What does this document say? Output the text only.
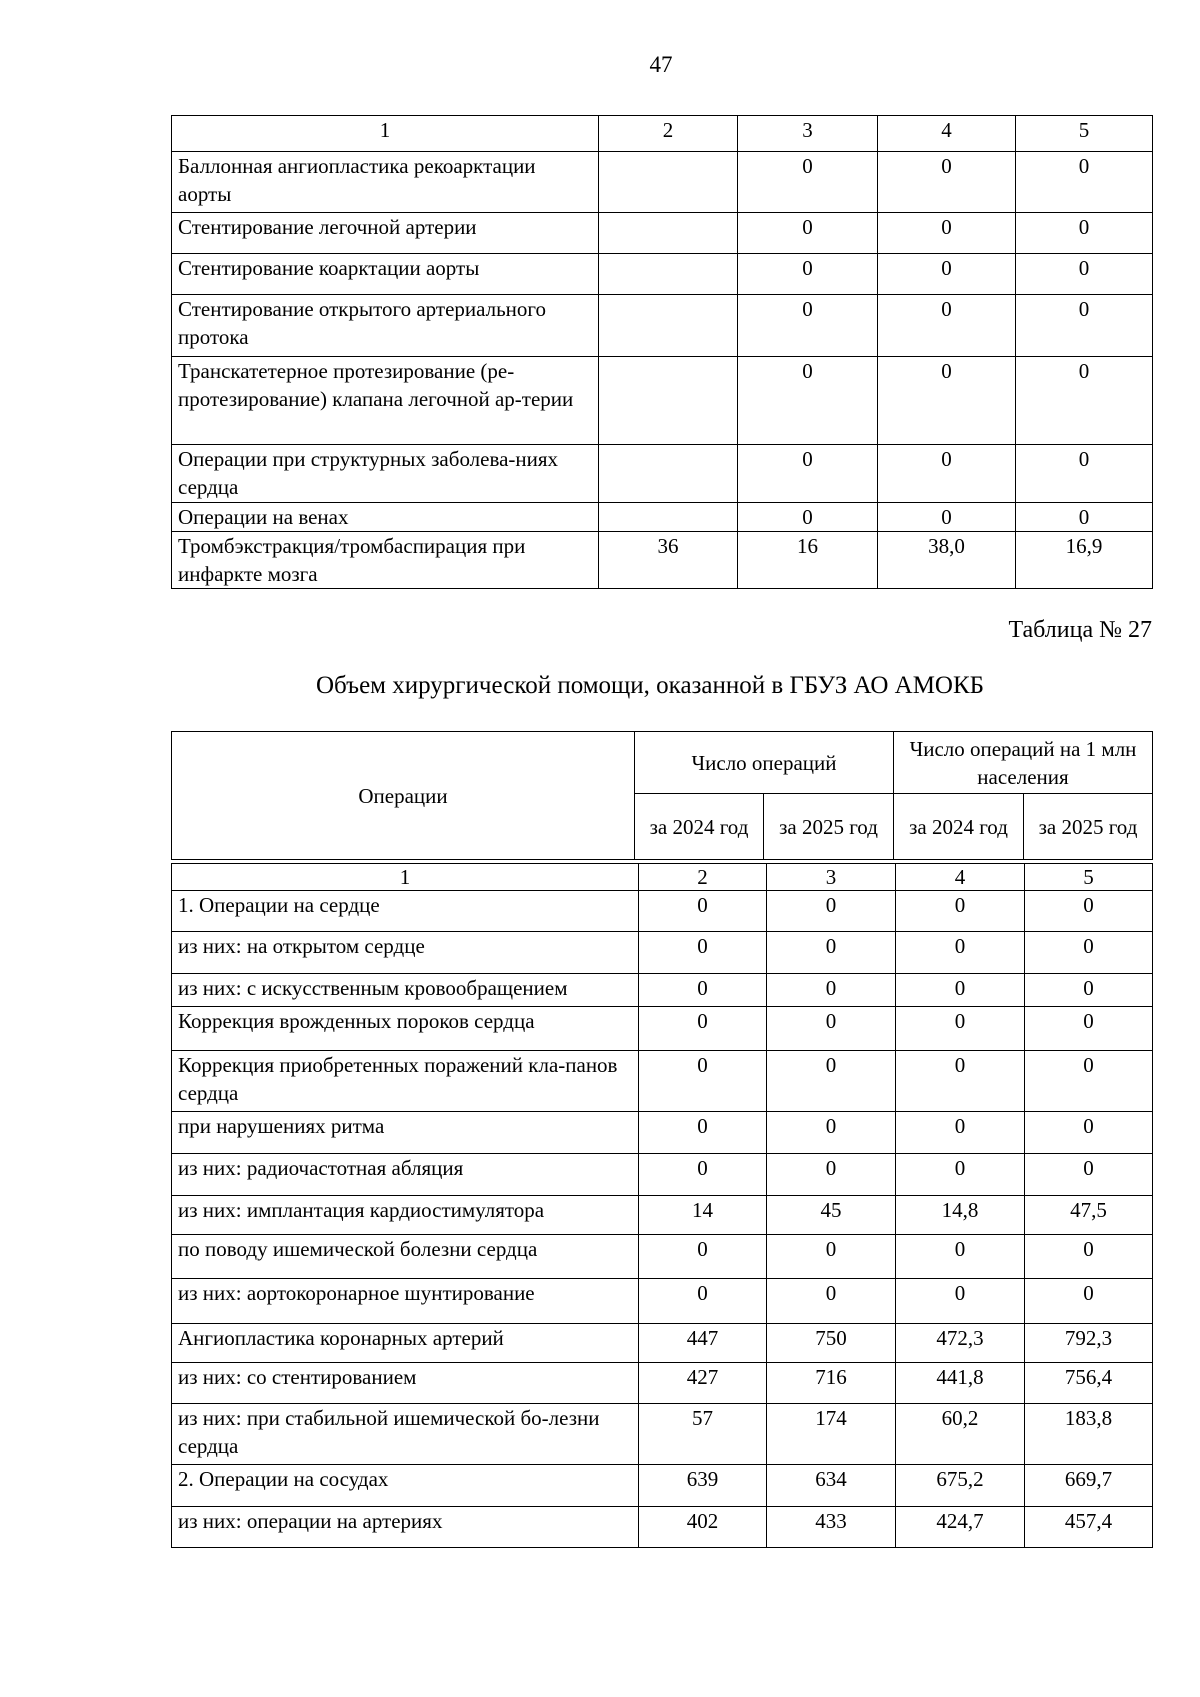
47
1	2	3	4	5
Баллонная ангиопластика рекоарктации аорты		0	0	0
Стентирование легочной артерии		0	0	0
Стентирование коарктации аорты		0	0	0
Стентирование открытого артериального протока		0	0	0
Транскатетерное протезирование (ре-протезирование) клапана легочной ар-терии		0	0	0
Операции при структурных заболева-ниях сердца		0	0	0
Операции на венах		0	0	0
Тромбэкстракция/тромбаспирация при инфаркте мозга	36	16	38,0	16,9
Таблица № 27
Объем хирургической помощи, оказанной в ГБУЗ АО АМОКБ
Операции	Число операций		Число операций на 1 млн населения	
	за 2024 год	за 2025 год	за 2024 год	за 2025 год
1	2	3	4	5
1. Операции на сердце	0	0	0	0
из них: на открытом сердце	0	0	0	0
из них: с искусственным кровообращением	0	0	0	0
Коррекция врожденных пороков сердца	0	0	0	0
Коррекция приобретенных поражений кла-панов сердца	0	0	0	0
при нарушениях ритма	0	0	0	0
из них: радиочастотная абляция	0	0	0	0
из них: имплантация кардиостимулятора	14	45	14,8	47,5
по поводу ишемической болезни сердца	0	0	0	0
из них: аортокоронарное шунтирование	0	0	0	0
Ангиопластика коронарных артерий	447	750	472,3	792,3
из них: со стентированием	427	716	441,8	756,4
из них: при стабильной ишемической бо-лезни сердца	57	174	60,2	183,8
2. Операции на сосудах	639	634	675,2	669,7
из них: операции на артериях	402	433	424,7	457,4
